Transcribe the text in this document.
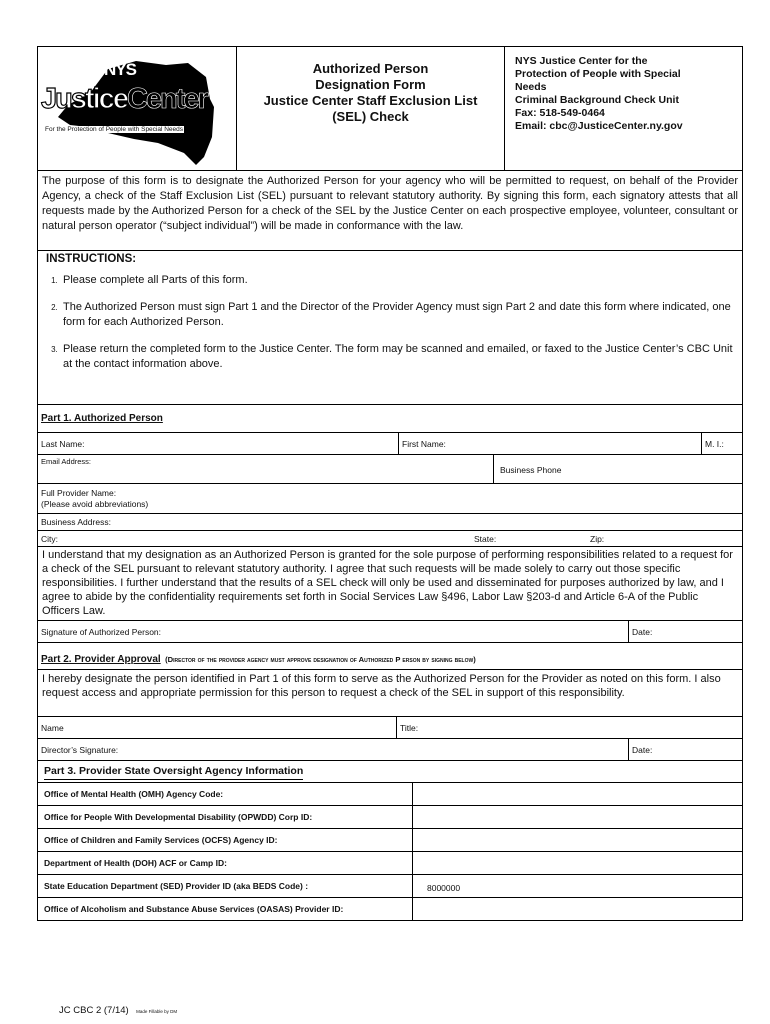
NYS
JusticeCenter
For the Protection of People with Special Needs
Authorized Person
Designation Form
Justice Center Staff Exclusion List
(SEL) Check
NYS Justice Center for the
Protection of People with Special
Needs
Criminal Background Check Unit
Fax: 518-549-0464
Email: cbc@JusticeCenter.ny.gov
The purpose of this form is to designate the Authorized Person for your agency who will be permitted to request, on behalf of the Provider Agency, a check of the Staff Exclusion List (SEL) pursuant to relevant statutory authority. By signing this form, each signatory attests that all requests made by the Authorized Person for a check of the SEL by the Justice Center on each prospective employee, volunteer, consultant or natural person operator (“subject individual”) will be made in conformance with the law.
INSTRUCTIONS:
1. Please complete all Parts of this form.
2. The Authorized Person must sign Part 1 and the Director of the Provider Agency must sign Part 2 and date this form where indicated, one form for each Authorized Person.
3. Please return the completed form to the Justice Center. The form may be scanned and emailed, or faxed to the Justice Center’s CBC Unit at the contact information above.
Part 1. Authorized Person
Last Name:	First Name:	M. I.:
Email Address:
Business Phone
Full Provider Name:
(Please avoid abbreviations)
Business Address:
City:	State:	Zip:
I understand that my designation as an Authorized Person is granted for the sole purpose of performing responsibilities related to a request for a check of the SEL pursuant to relevant statutory authority. I agree that such requests will be made solely to carry out those specific responsibilities. I further understand that the results of a SEL check will only be used and disseminated for purposes authorized by law, and I agree to abide by the confidentiality requirements set forth in Social Services Law §496, Labor Law §203-d and Article 6-A of the Public Officers Law.
Signature of Authorized Person:	Date:
Part 2. Provider Approval (Director of the provider agency must approve designation of Authorized P erson by signing below)
I hereby designate the person identified in Part 1 of this form to serve as the Authorized Person for the Provider as noted on this form. I also request access and appropriate permission for this person to request a check of the SEL in support of this responsibility.
Name	Title:
Director’s Signature:	Date:
Part 3. Provider State Oversight Agency Information
Office of Mental Health (OMH) Agency Code:
Office for People With Developmental Disability (OPWDD) Corp ID:
Office of Children and Family Services (OCFS) Agency ID:
Department of Health (DOH) ACF or Camp ID:
State Education Department (SED) Provider ID (aka BEDS Code) :	8000000
Office of Alcoholism and Substance Abuse Services (OASAS) Provider ID:
JC CBC 2 (7/14) Made Fillable by DM
